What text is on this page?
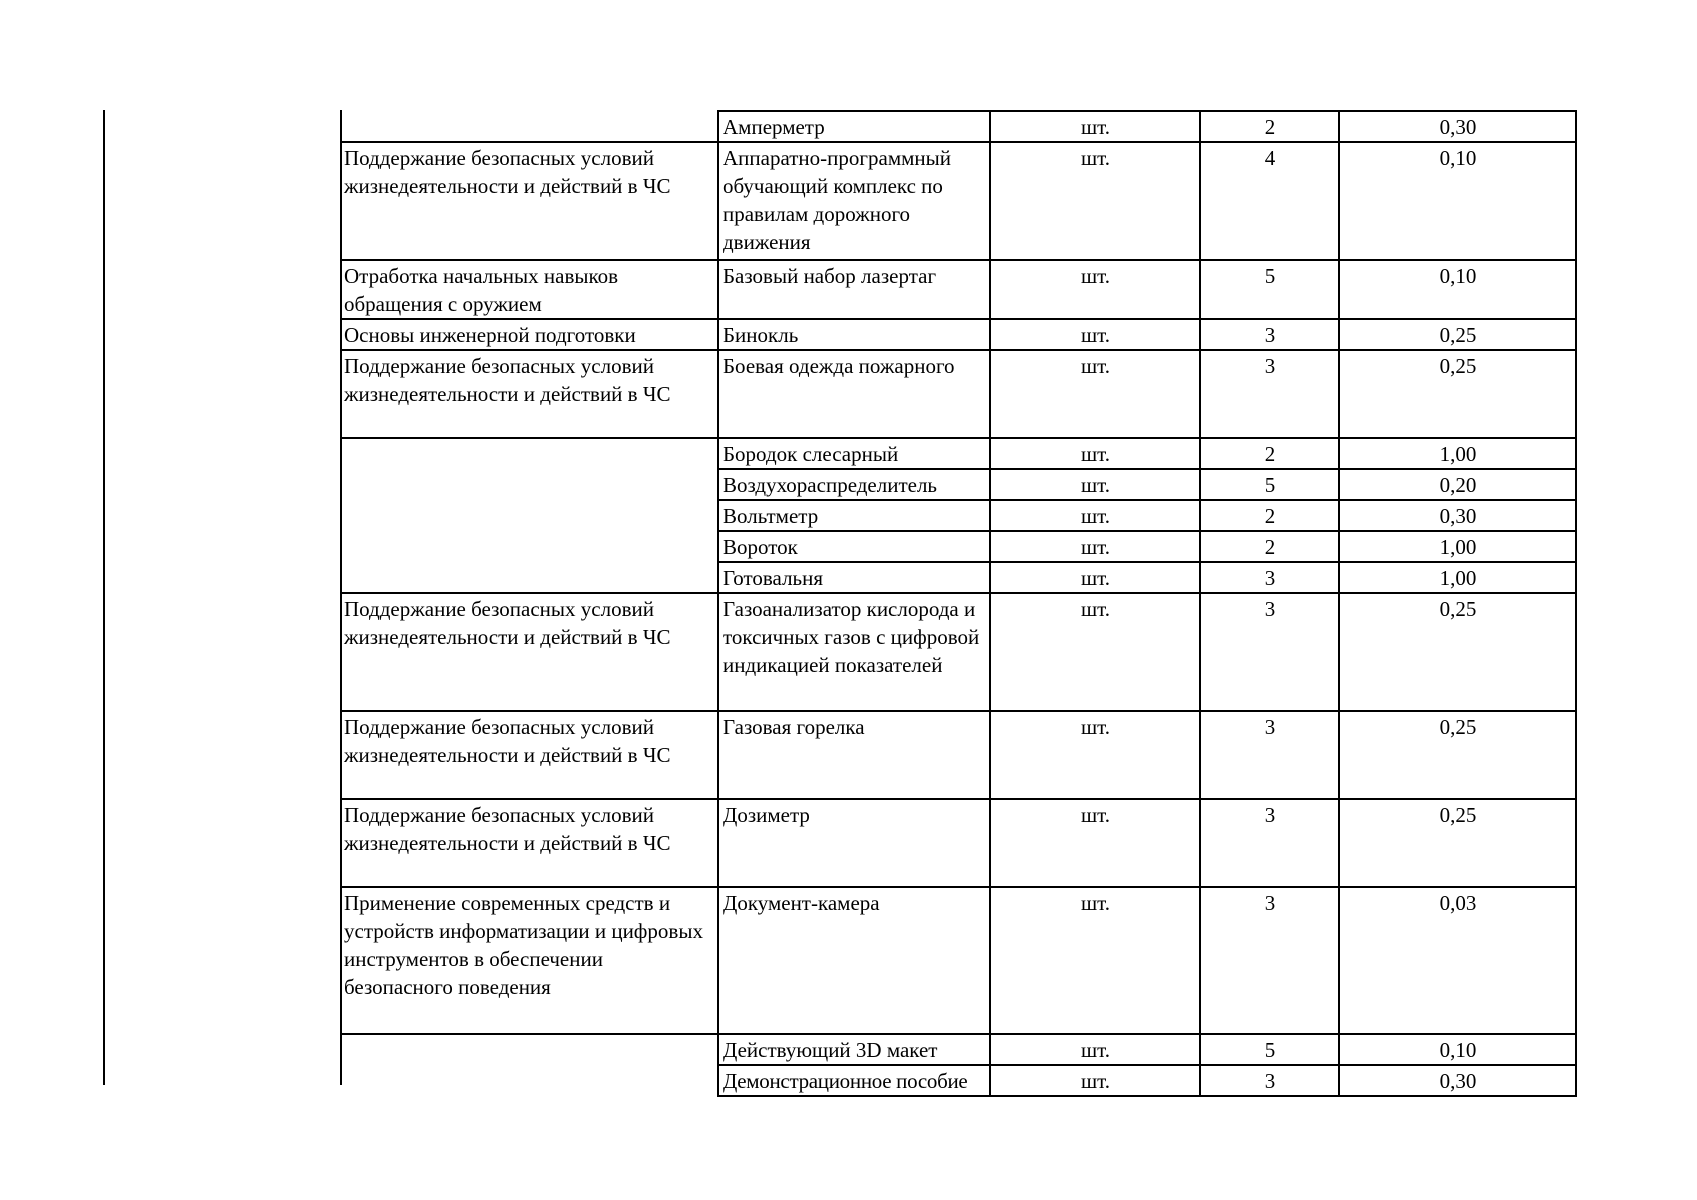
	Амперметр	шт.	2	0,30
Поддержание безопасных условий жизнедеятельности и действий в ЧС	Аппаратно-программный обучающий комплекс по правилам дорожного движения	шт.	4	0,10
Отработка начальных навыков обращения с оружием	Базовый набор лазертаг	шт.	5	0,10
Основы инженерной подготовки	Бинокль	шт.	3	0,25
Поддержание безопасных условий жизнедеятельности и действий в ЧС	Боевая одежда пожарного	шт.	3	0,25
	Бородок слесарный	шт.	2	1,00
	Воздухораспределитель	шт.	5	0,20
	Вольтметр	шт.	2	0,30
	Вороток	шт.	2	1,00
	Готовальня	шт.	3	1,00
Поддержание безопасных условий жизнедеятельности и действий в ЧС	Газоанализатор кислорода и токсичных газов с цифровой индикацией показателей	шт.	3	0,25
Поддержание безопасных условий жизнедеятельности и действий в ЧС	Газовая горелка	шт.	3	0,25
Поддержание безопасных условий жизнедеятельности и действий в ЧС	Дозиметр	шт.	3	0,25
Применение современных средств и устройств информатизации и цифровых инструментов в обеспечении безопасного поведения	Документ-камера	шт.	3	0,03
	Действующий 3D макет	шт.	5	0,10
	Демонстрационное пособие	шт.	3	0,30
